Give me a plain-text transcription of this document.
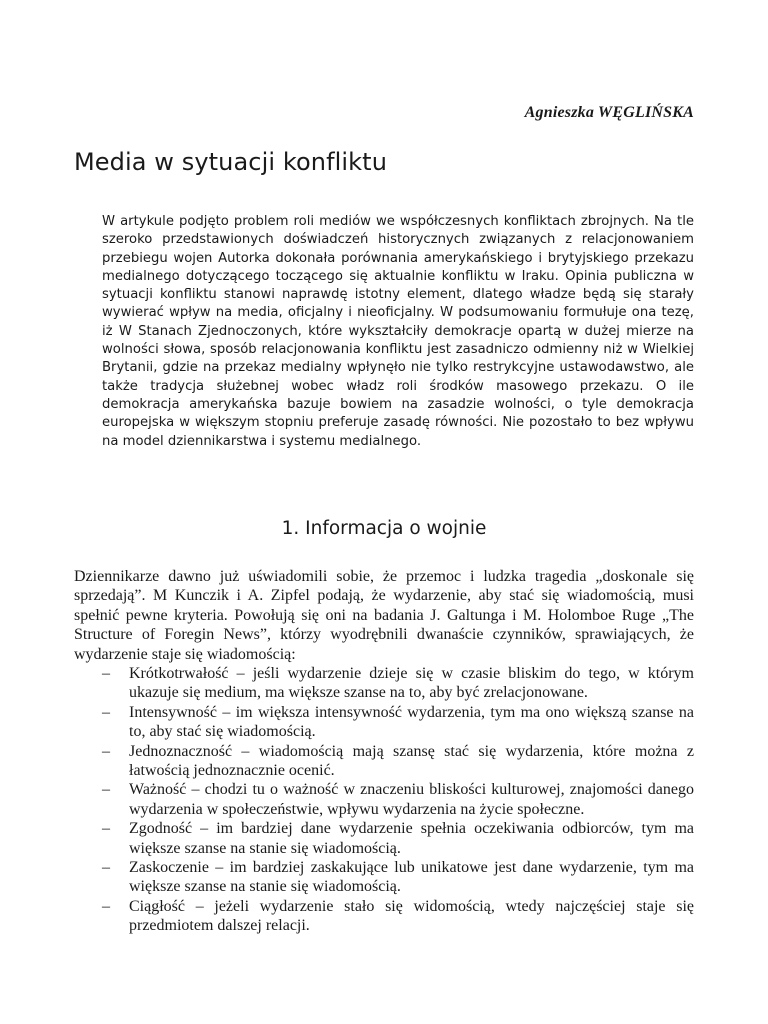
Agnieszka WĘGLIŃSKA
Media w sytuacji konfliktu

W artykule podjęto problem roli mediów we współczesnych konfliktach zbrojnych. Na tle szeroko przedstawionych doświadczeń historycznych związanych z relacjonowaniem przebiegu wojen Autorka dokonała porównania amerykańskiego i brytyjskiego przekazu medialnego dotyczącego toczącego się aktualnie konfliktu w Iraku. Opinia publiczna w sytuacji konfliktu stanowi naprawdę istotny element, dlatego władze będą się starały wywierać wpływ na media, oficjalny i nieoficjalny. W podsumowaniu formułuje ona tezę, iż W Stanach Zjednoczonych, które wykształciły demokracje opartą w dużej mierze na wolności słowa, sposób relacjonowania konfliktu jest zasadniczo odmienny niż w Wielkiej Brytanii, gdzie na przekaz medialny wpłynęło nie tylko restrykcyjne ustawodawstwo, ale także tradycja służebnej wobec władz roli środków masowego przekazu. O ile demokracja amerykańska bazuje bowiem na zasadzie wolności, o tyle demokracja europejska w większym stopniu preferuje zasadę równości. Nie pozostało to bez wpływu na model dziennikarstwa i systemu medialnego.

1. Informacja o wojnie

Dziennikarze dawno już uświadomili sobie, że przemoc i ludzka tragedia „doskonale się sprzedają”. M Kunczik i A. Zipfel podają, że wydarzenie, aby stać się wiadomością, musi spełnić pewne kryteria. Powołują się oni na badania J. Galtunga i M. Holomboe Ruge „The Structure of Foregin News”, którzy wyodrębnili dwanaście czynników, sprawiających, że wydarzenie staje się wiadomością:

– Krótkotrwałość – jeśli wydarzenie dzieje się w czasie bliskim do tego, w którym ukazuje się medium, ma większe szanse na to, aby być zrelacjonowane.
– Intensywność – im większa intensywność wydarzenia, tym ma ono większą szanse na to, aby stać się wiadomością.
– Jednoznaczność – wiadomością mają szansę stać się wydarzenia, które można z łatwością jednoznacznie ocenić.
– Ważność – chodzi tu o ważność w znaczeniu bliskości kulturowej, znajomości danego wydarzenia w społeczeństwie, wpływu wydarzenia na życie społeczne.
– Zgodność – im bardziej dane wydarzenie spełnia oczekiwania odbiorców, tym ma większe szanse na stanie się wiadomością.
– Zaskoczenie – im bardziej zaskakujące lub unikatowe jest dane wydarzenie, tym ma większe szanse na stanie się wiadomością.
– Ciągłość – jeżeli wydarzenie stało się widomością, wtedy najczęściej staje się przedmiotem dalszej relacji.
